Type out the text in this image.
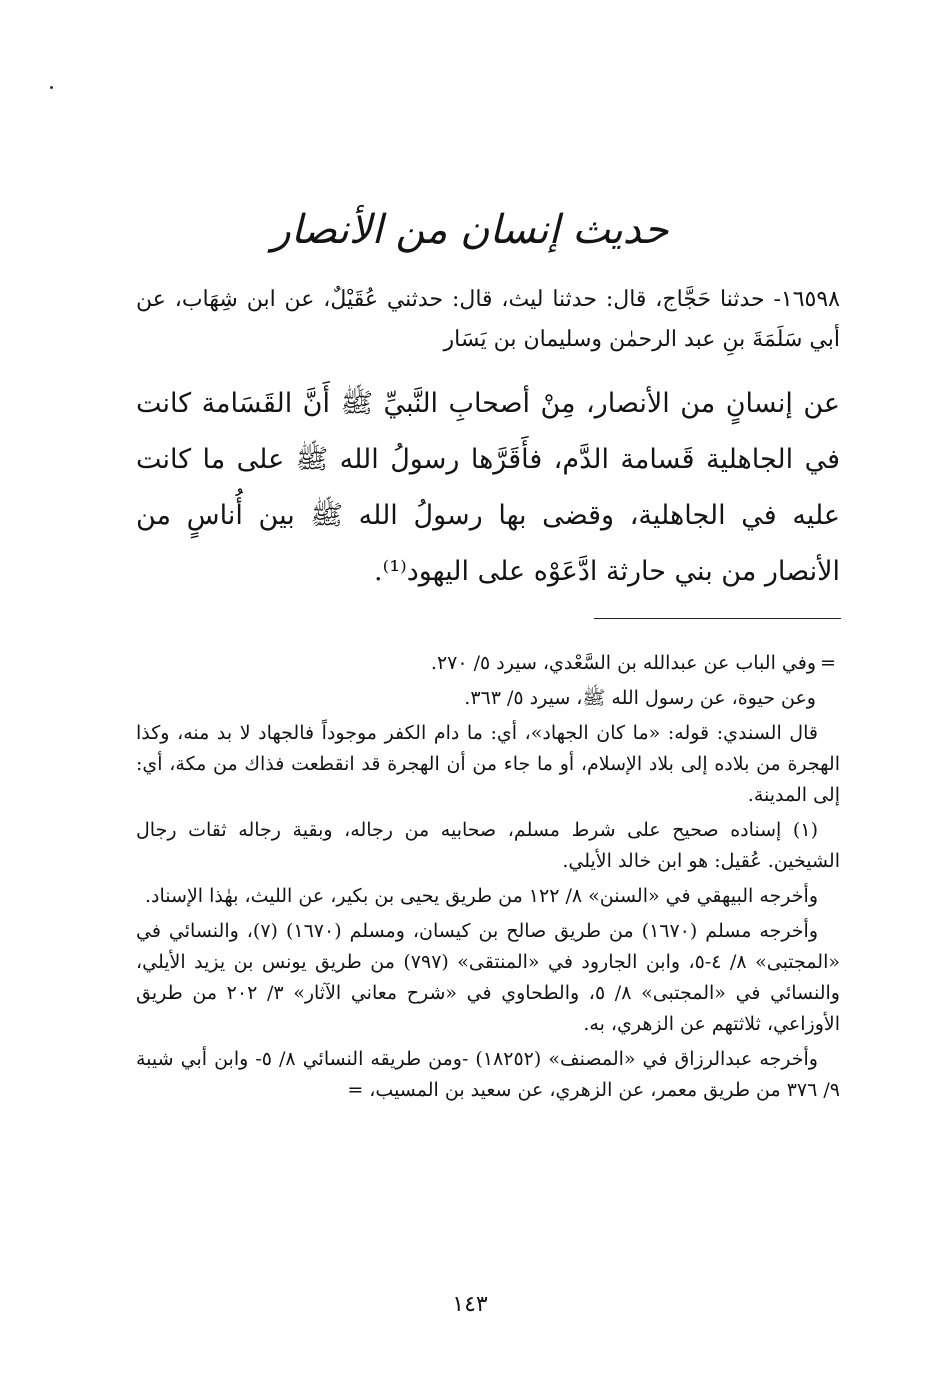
حديث إنسان من الأنصار
١٦٥٩٨- حدثنا حَجَّاج، قال: حدثنا ليث، قال: حدثني عُقَيْلٌ، عن ابن شِهَاب، عن أبي سَلَمَةَ بنِ عبد الرحمٰن وسليمان بن يَسَار
عن إنسانٍ من الأنصار، مِنْ أصحابِ النَّبيِّ ﷺ أَنَّ القَسَامة كانت في الجاهلية قَسامة الدَّم، فأَقَرَّها رسولُ الله ﷺ على ما كانت عليه في الجاهلية، وقضى بها رسولُ الله ﷺ بين أُناسٍ من الأنصار من بني حارثة ادَّعَوْه على اليهود⁽¹⁾.
=

وفي الباب عن عبدالله بن السَّعْدي، سيرد ٥/ ٢٧٠.

وعن حيوة، عن رسول الله ﷺ، سيرد ٥/ ٣٦٣.

قال السندي: قوله: «ما كان الجهاد»، أي: ما دام الكفر موجوداً فالجهاد لا بد منه، وكذا الهجرة من بلاده إلى بلاد الإسلام، أو ما جاء من أن الهجرة قد انقطعت فذاك من مكة، أي: إلى المدينة.

(١) إسناده صحيح على شرط مسلم، صحابيه من رجاله، وبقية رجاله ثقات رجال الشيخين. عُقيل: هو ابن خالد الأيلي.

وأخرجه البيهقي في «السنن» ٨/ ١٢٢ من طريق يحيى بن بكير، عن الليث، بهٰذا الإسناد.

وأخرجه مسلم (١٦٧٠) من طريق صالح بن كيسان، ومسلم (١٦٧٠) (٧)، والنسائي في «المجتبى» ٨/ ٤-٥، وابن الجارود في «المنتقى» (٧٩٧) من طريق يونس بن يزيد الأيلي، والنسائي في «المجتبى» ٨/ ٥، والطحاوي في «شرح معاني الآثار» ٣/ ٢٠٢ من طريق الأوزاعي، ثلاثتهم عن الزهري، به.

وأخرجه عبدالرزاق في «المصنف» (١٨٢٥٢) -ومن طريقه النسائي ٨/ ٥- وابن أبي شيبة ٩/ ٣٧٦ من طريق معمر، عن الزهري، عن سعيد بن المسيب، =

١٤٣
